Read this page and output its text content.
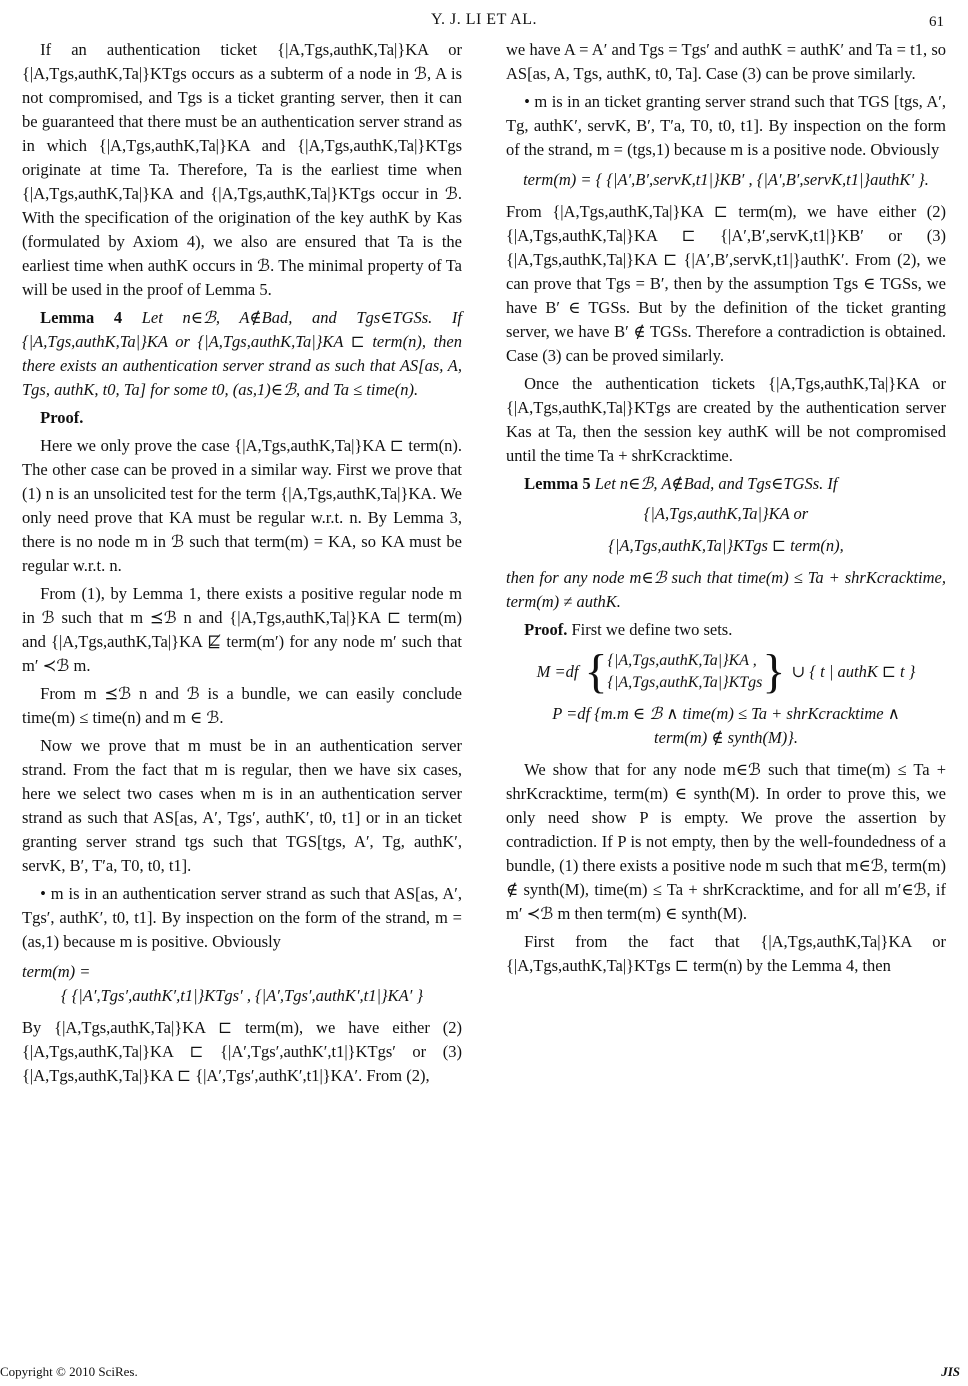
Y. J. LI ET AL.	61

If an authentication ticket {|A,Tgs,authK,Ta|}KA or {|A,Tgs,authK,Ta|}KTgs occurs as a subterm of a node in ℬ, A is not compromised, and Tgs is a ticket granting server, then it can be guaranteed that there must be an authentication server strand as in which {|A,Tgs,authK,Ta|}KA and {|A,Tgs,authK,Ta|}KTgs originate at time Ta. Therefore, Ta is the earliest time when {|A,Tgs,authK,Ta|}KA and {|A,Tgs,authK,Ta|}KTgs occur in ℬ. With the specification of the origination of the key authK by Kas (formulated by Axiom 4), we also are ensured that Ta is the earliest time when authK occurs in ℬ. The minimal property of Ta will be used in the proof of Lemma 5.

Lemma 4 Let n∈ℬ, A∉Bad, and Tgs∈TGSs. If {|A,Tgs,authK,Ta|}KA or {|A,Tgs,authK,Ta|}KA ⊏ term(n), then there exists an authentication server strand as such that AS[as, A, Tgs, authK, t0, Ta] for some t0, (as,1)∈ℬ, and Ta ≤ time(n).

Proof.

Here we only prove the case {|A,Tgs,authK,Ta|}KA ⊏ term(n). The other case can be proved in a similar way. First we prove that (1) n is an unsolicited test for the term {|A,Tgs,authK,Ta|}KA. We only need prove that KA must be regular w.r.t. n. By Lemma 3, there is no node m in ℬ such that term(m) = KA, so KA must be regular w.r.t. n.

From (1), by Lemma 1, there exists a positive regular node m in ℬ such that m ⪯ℬ n and {|A,Tgs,authK,Ta|}KA ⊏ term(m) and {|A,Tgs,authK,Ta|}KA ⋢ term(m′) for any node m′ such that m′ ≺ℬ m.

From m ⪯ℬ n and ℬ is a bundle, we can easily conclude time(m) ≤ time(n) and m ∈ ℬ.

Now we prove that m must be in an authentication server strand. From the fact that m is regular, then we have six cases, here we select two cases when m is in an authentication server strand as such that AS[as, A′, Tgs′, authK′, t0, t1] or in an ticket granting server strand tgs such that TGS[tgs, A′, Tg, authK′, servK, B′, T′a, T0, t0, t1].

• m is in an authentication server strand as such that AS[as, A′, Tgs′, authK′, t0, t1]. By inspection on the form of the strand, m = (as,1) because m is positive. Obviously

term(m) =
{ {|A′,Tgs′,authK′,t1|}KTgs′ , {|A′,Tgs′,authK′,t1|}KA′ }

By {|A,Tgs,authK,Ta|}KA ⊏ term(m), we have either (2) {|A,Tgs,authK,Ta|}KA ⊏ {|A′,Tgs′,authK′,t1|}KTgs′ or (3) {|A,Tgs,authK,Ta|}KA ⊏ {|A′,Tgs′,authK′,t1|}KA′. From (2),

we have A = A′ and Tgs = Tgs′ and authK = authK′ and Ta = t1, so AS[as, A, Tgs, authK, t0, Ta]. Case (3) can be prove similarly.

• m is in an ticket granting server strand such that TGS [tgs, A′, Tg, authK′, servK, B′, T′a, T0, t0, t1]. By inspection on the form of the strand, m = (tgs,1) because m is a positive node. Obviously

term(m) = { {|A′,B′,servK,t1|}KB′ , {|A′,B′,servK,t1|}authK′ }.

From {|A,Tgs,authK,Ta|}KA ⊏ term(m), we have either (2) {|A,Tgs,authK,Ta|}KA ⊏ {|A′,B′,servK,t1|}KB′ or (3) {|A,Tgs,authK,Ta|}KA ⊏ {|A′,B′,servK,t1|}authK′. From (2), we can prove that Tgs = B′, then by the assumption Tgs ∈ TGSs, we have B′ ∈ TGSs. But by the definition of the ticket granting server, we have B′ ∉ TGSs. Therefore a contradiction is obtained. Case (3) can be proved similarly.

Once the authentication tickets {|A,Tgs,authK,Ta|}KA or {|A,Tgs,authK,Ta|}KTgs are created by the authentication server Kas at Ta, then the session key authK will be not compromised until the time Ta + shrKcracktime.

Lemma 5 Let n∈ℬ, A∉Bad, and Tgs∈TGSs. If

{|A,Tgs,authK,Ta|}KA or
{|A,Tgs,authK,Ta|}KTgs ⊏ term(n),

then for any node m∈ℬ such that time(m) ≤ Ta + shrKcracktime, term(m) ≠ authK.

Proof. First we define two sets.

M =df { {|A,Tgs,authK,Ta|}KA ,
{|A,Tgs,authK,Ta|}KTgs } ∪ { t | authK ⊏ t }
P =df {m.m ∈ ℬ ∧ time(m) ≤ Ta + shrKcracktime ∧
term(m) ∉ synth(M)}.

We show that for any node m∈ℬ such that time(m) ≤ Ta + shrKcracktime, term(m) ∈ synth(M). In order to prove this, we only need show P is empty. We prove the assertion by contradiction. If P is not empty, then by the well-foundedness of a bundle, (1) there exists a positive node m such that m∈ℬ, term(m) ∉ synth(M), time(m) ≤ Ta + shrKcracktime, and for all m′∈ℬ, if m′ ≺ℬ m then term(m) ∈ synth(M).

First from the fact that {|A,Tgs,authK,Ta|}KA or {|A,Tgs,authK,Ta|}KTgs ⊏ term(n) by the Lemma 4, then

Copyright © 2010 SciRes.	JIS
